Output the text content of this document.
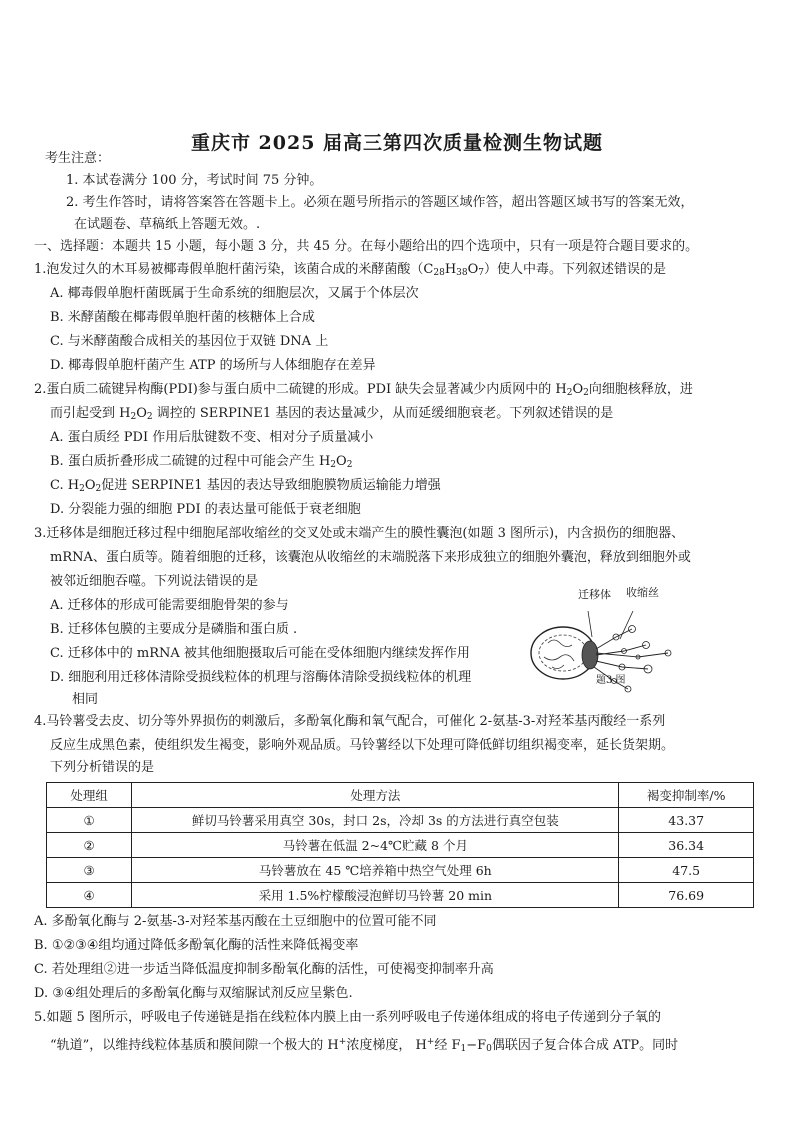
重庆市 2025 届高三第四次质量检测生物试题
考生注意：
1. 本试卷满分 100 分，考试时间 75 分钟。
2. 考生作答时，请将答案答在答题卡上。必须在题号所指示的答题区域作答，超出答题区域书写的答案无效，
在试题卷、草稿纸上答题无效。.
一、选择题：本题共 15 小题，每小题 3 分，共 45 分。在每小题给出的四个选项中，只有一项是符合题目要求的。
1.泡发过久的木耳易被椰毒假单胞杆菌污染，该菌合成的米酵菌酸$(C_{28}H_{38}O_7)$使人中毒。下列叙述错误的是
A. 椰毒假单胞杆菌既属于生命系统的细胞层次，又属于个体层次
B. 米酵菌酸在椰毒假单胞杆菌的核糖体上合成
C. 与米酵菌酸合成相关的基因位于双链 DNA 上
D. 椰毒假单胞杆菌产生 ATP 的场所与人体细胞存在差异
2.蛋白质二硫键异构酶(PDI)参与蛋白质中二硫键的形成。PDI 缺失会显著减少内质网中的 $H_2O_2$向细胞核释放，进
而引起受到 $H_2O_2$ 调控的 SERPINE1 基因的表达量减少，从而延缓细胞衰老。下列叙述错误的是
A. 蛋白质经 PDI 作用后肽键数不变、相对分子质量减小
B. 蛋白质折叠形成二硫键的过程中可能会产生 $H_2O_2$
C. $H_2O_2$促进 SERPINE1 基因的表达导致细胞膜物质运输能力增强
D. 分裂能力强的细胞 PDI 的表达量可能低于衰老细胞
3.迁移体是细胞迁移过程中细胞尾部收缩丝的交叉处或末端产生的膜性囊泡(如题 3 图所示)，内含损伤的细胞器、
mRNA、蛋白质等。随着细胞的迁移，该囊泡从收缩丝的末端脱落下来形成独立的细胞外囊泡，释放到细胞外或
被邻近细胞吞噬。下列说法错误的是
A. 迁移体的形成可能需要细胞骨架的参与
B. 迁移体包膜的主要成分是磷脂和蛋白质 .
C. 迁移体中的 mRNA 被其他细胞摄取后可能在受体细胞内继续发挥作用
D. 细胞利用迁移体清除受损线粒体的机理与溶酶体清除受损线粒体的机理
相同
迁移体 收缩丝
题3 图
4.马铃薯受去皮、切分等外界损伤的刺激后，多酚氧化酶和氧气配合，可催化 2-氨基-3-对羟苯基丙酸经一系列
反应生成黑色素，使组织发生褐变，影响外观品质。马铃薯经以下处理可降低鲜切组织褐变率，延长货架期。
下列分析错误的是
处理组	处理方法	褐变抑制率/%
①	鲜切马铃薯采用真空 30s，封口 2s，冷却 3s 的方法进行真空包装	43.37
②	马铃薯在低温 2~4℃贮藏 8 个月	36.34
③	马铃薯放在 45 ℃培养箱中热空气处理 6h	47.5
④	采用 1.5%柠檬酸浸泡鲜切马铃薯 20 min	76.69
A. 多酚氧化酶与 2-氨基-3-对羟苯基丙酸在土豆细胞中的位置可能不同
B. ①②③④组均通过降低多酚氧化酶的活性来降低褐变率
C. 若处理组②进一步适当降低温度抑制多酚氧化酶的活性，可使褐变抑制率升高
D. ③④组处理后的多酚氧化酶与双缩脲试剂反应呈紫色.
5.如题 5 图所示，呼吸电子传递链是指在线粒体内膜上由一系列呼吸电子传递体组成的将电子传递到分子氧的
“轨道”，以维持线粒体基质和膜间隙一个极大的 H+浓度梯度， H+经 $F_1-F_0$偶联因子复合体合成 ATP。同时
